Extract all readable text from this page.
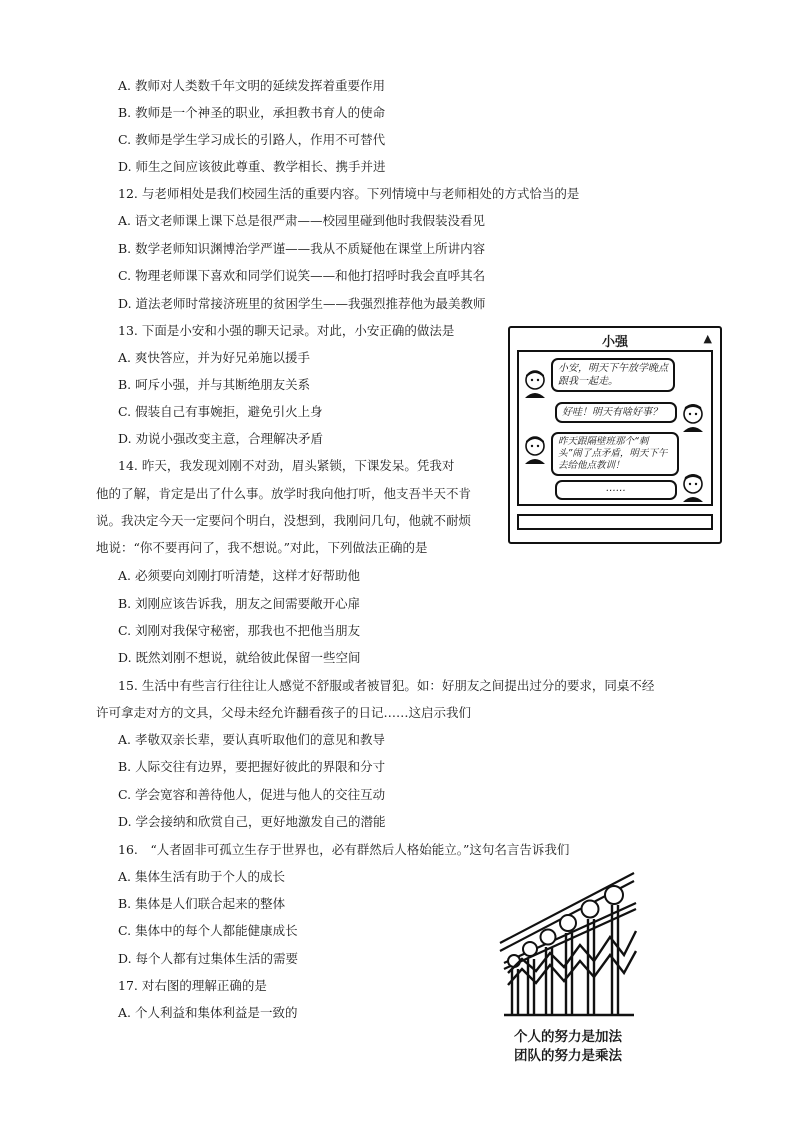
A. 教师对人类数千年文明的延续发挥着重要作用
B. 教师是一个神圣的职业，承担教书育人的使命
C. 教师是学生学习成长的引路人，作用不可替代
D. 师生之间应该彼此尊重、教学相长、携手并进
12. 与老师相处是我们校园生活的重要内容。下列情境中与老师相处的方式恰当的是
A. 语文老师课上课下总是很严肃——校园里碰到他时我假装没看见
B. 数学老师知识渊博治学严谨——我从不质疑他在课堂上所讲内容
C. 物理老师课下喜欢和同学们说笑——和他打招呼时我会直呼其名
D. 道法老师时常接济班里的贫困学生——我强烈推荐他为最美教师
13. 下面是小安和小强的聊天记录。对此，小安正确的做法是
A. 爽快答应，并为好兄弟施以援手
B. 呵斥小强，并与其断绝朋友关系
C. 假装自己有事婉拒，避免引火上身
D. 劝说小强改变主意，合理解决矛盾
小强	▲
小安，明天下午放学晚点跟我一起走。
好哇！明天有啥好事？
昨天跟隔壁班那个“刺头”闹了点矛盾，明天下午去给他点教训！
……
14. 昨天，我发现刘刚不对劲，眉头紧锁，下课发呆。凭我对
他的了解，肯定是出了什么事。放学时我向他打听，他支吾半天不肯
说。我决定今天一定要问个明白，没想到，我刚问几句，他就不耐烦
地说：“你不要再问了，我不想说。”对此，下列做法正确的是
A. 必须要向刘刚打听清楚，这样才好帮助他
B. 刘刚应该告诉我，朋友之间需要敞开心扉
C. 刘刚对我保守秘密，那我也不把他当朋友
D. 既然刘刚不想说，就给彼此保留一些空间
15. 生活中有些言行往往让人感觉不舒服或者被冒犯。如：好朋友之间提出过分的要求，同桌不经
许可拿走对方的文具，父母未经允许翻看孩子的日记……这启示我们
A. 孝敬双亲长辈，要认真听取他们的意见和教导
B. 人际交往有边界，要把握好彼此的界限和分寸
C. 学会宽容和善待他人，促进与他人的交往互动
D. 学会接纳和欣赏自己，更好地激发自己的潜能
16.　“人者固非可孤立生存于世界也，必有群然后人格始能立。”这句名言告诉我们
A. 集体生活有助于个人的成长
B. 集体是人们联合起来的整体
C. 集体中的每个人都能健康成长
D. 每个人都有过集体生活的需要
17. 对右图的理解正确的是
A. 个人利益和集体利益是一致的
个人的努力是加法
团队的努力是乘法
